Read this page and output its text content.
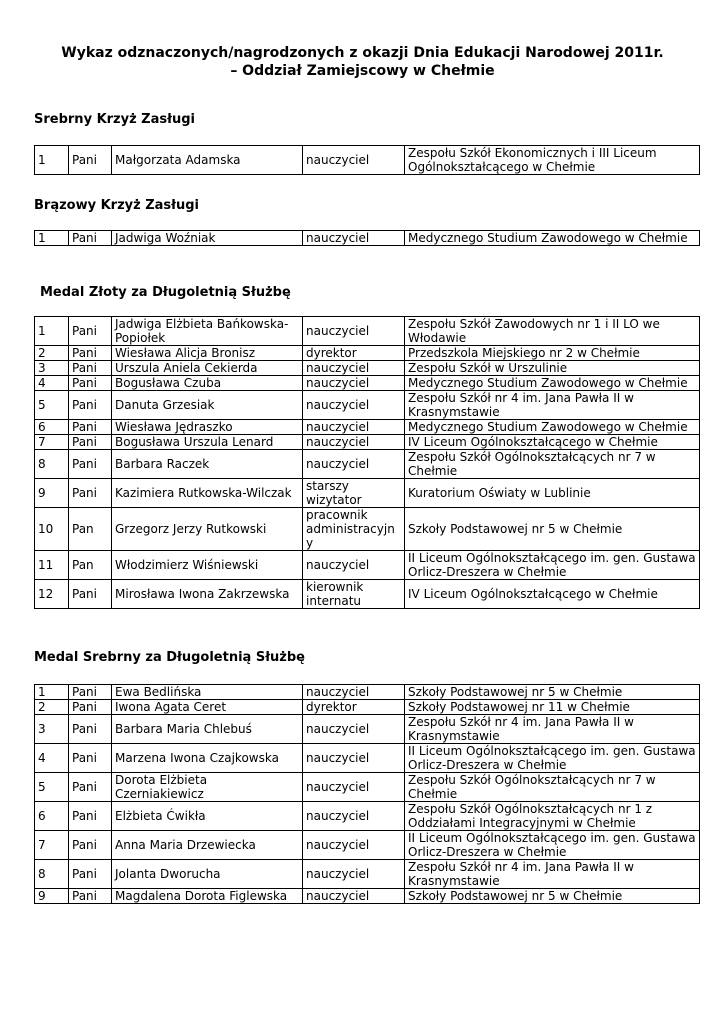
Wykaz odznaczonych/nagrodzonych z okazji Dnia Edukacji Narodowej 2011r.
– Oddział Zamiejscowy w Chełmie
Srebrny Krzyż Zasługi
1	Pani	Małgorzata Adamska	nauczyciel	Zespołu Szkół Ekonomicznych i III Liceum Ogólnokształcącego w Chełmie
Brązowy Krzyż Zasługi
1	Pani	Jadwiga Woźniak	nauczyciel	Medycznego Studium Zawodowego w Chełmie
Medal Złoty za Długoletnią Służbę
1	Pani	Jadwiga Elżbieta Bańkowska-Popiołek	nauczyciel	Zespołu Szkół Zawodowych nr 1 i II LO we Włodawie
2	Pani	Wiesława Alicja Bronisz	dyrektor	Przedszkola Miejskiego nr 2 w Chełmie
3	Pani	Urszula Aniela Cekierda	nauczyciel	Zespołu Szkół w Urszulinie
4	Pani	Bogusława Czuba	nauczyciel	Medycznego Studium Zawodowego w Chełmie
5	Pani	Danuta Grzesiak	nauczyciel	Zespołu Szkół nr 4 im. Jana Pawła II w Krasnymstawie
6	Pani	Wiesława Jędraszko	nauczyciel	Medycznego Studium Zawodowego w Chełmie
7	Pani	Bogusława Urszula Lenard	nauczyciel	IV Liceum Ogólnokształcącego w Chełmie
8	Pani	Barbara Raczek	nauczyciel	Zespołu Szkół Ogólnokształcących nr 7 w Chełmie
9	Pani	Kazimiera Rutkowska-Wilczak	starszy wizytator	Kuratorium Oświaty w Lublinie
10	Pan	Grzegorz Jerzy Rutkowski	pracownik administracyjny	Szkoły Podstawowej nr 5 w Chełmie
11	Pan	Włodzimierz Wiśniewski	nauczyciel	II Liceum Ogólnokształcącego im. gen. Gustawa Orlicz-Dreszera w Chełmie
12	Pani	Mirosława Iwona Zakrzewska	kierownik internatu	IV Liceum Ogólnokształcącego w Chełmie
Medal Srebrny za Długoletnią Służbę
1	Pani	Ewa Bedlińska	nauczyciel	Szkoły Podstawowej nr 5 w Chełmie
2	Pani	Iwona Agata Ceret	dyrektor	Szkoły Podstawowej nr 11 w Chełmie
3	Pani	Barbara Maria Chlebuś	nauczyciel	Zespołu Szkół nr 4 im. Jana Pawła II w Krasnymstawie
4	Pani	Marzena Iwona Czajkowska	nauczyciel	II Liceum Ogólnokształcącego im. gen. Gustawa Orlicz-Dreszera w Chełmie
5	Pani	Dorota Elżbieta Czerniakiewicz	nauczyciel	Zespołu Szkół Ogólnokształcących nr 7 w Chełmie
6	Pani	Elżbieta Ćwikła	nauczyciel	Zespołu Szkół Ogólnokształcących nr 1 z Oddziałami Integracyjnymi w Chełmie
7	Pani	Anna Maria Drzewiecka	nauczyciel	II Liceum Ogólnokształcącego im. gen. Gustawa Orlicz-Dreszera w Chełmie
8	Pani	Jolanta Dworucha	nauczyciel	Zespołu Szkół nr 4 im. Jana Pawła II w Krasnymstawie
9	Pani	Magdalena Dorota Figlewska	nauczyciel	Szkoły Podstawowej nr 5 w Chełmie
